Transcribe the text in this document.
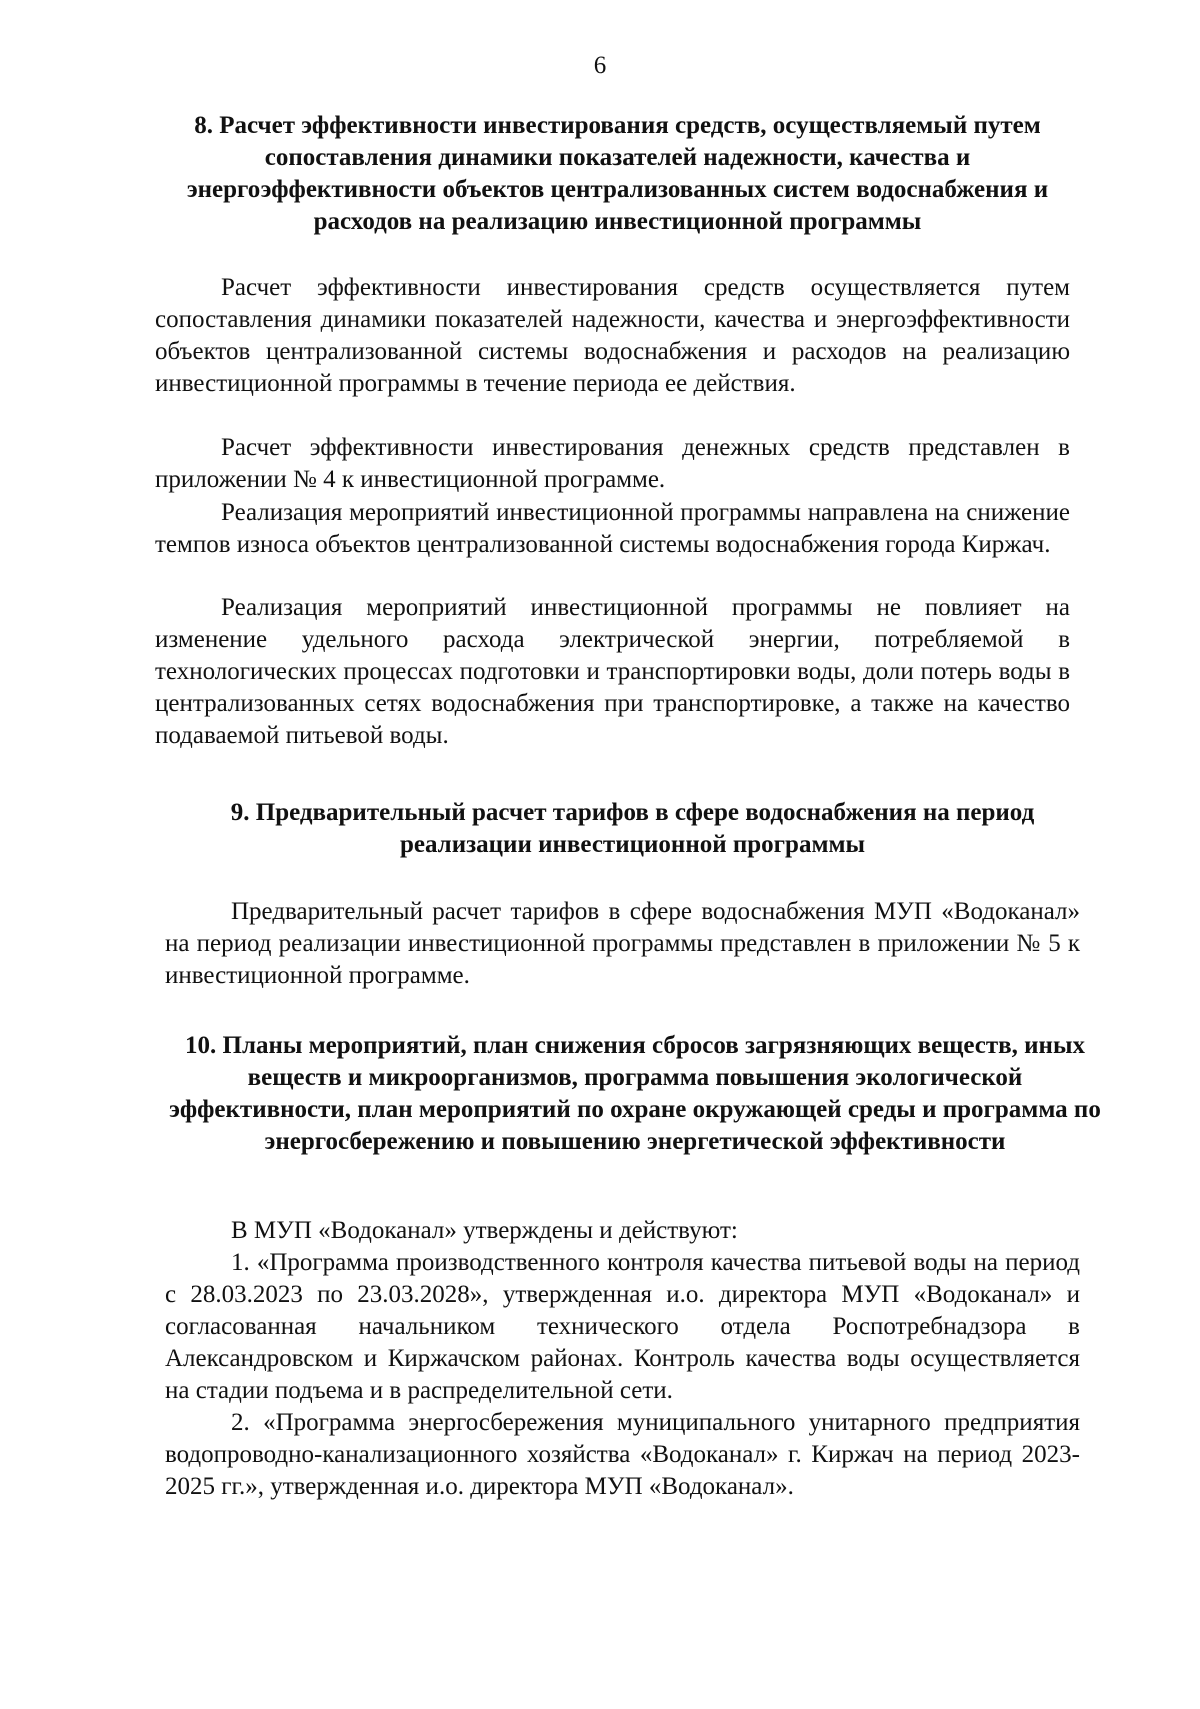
6
8. Расчет эффективности инвестирования средств, осуществляемый путем сопоставления динамики показателей надежности, качества и энергоэффективности объектов централизованных систем водоснабжения и расходов на реализацию инвестиционной программы
Расчет эффективности инвестирования средств осуществляется путем сопоставления динамики показателей надежности, качества и энергоэффективности объектов централизованной системы водоснабжения и расходов на реализацию инвестиционной программы в течение периода ее действия.
Расчет эффективности инвестирования денежных средств представлен в приложении № 4 к инвестиционной программе.
Реализация мероприятий инвестиционной программы направлена на снижение темпов износа объектов централизованной системы водоснабжения города Киржач.
Реализация мероприятий инвестиционной программы не повлияет на изменение удельного расхода электрической энергии, потребляемой в технологических процессах подготовки и транспортировки воды, доли потерь воды в централизованных сетях водоснабжения при транспортировке, а также на качество подаваемой питьевой воды.
9. Предварительный расчет тарифов в сфере водоснабжения на период реализации инвестиционной программы
Предварительный расчет тарифов в сфере водоснабжения МУП «Водоканал» на период реализации инвестиционной программы представлен в приложении № 5 к инвестиционной программе.
10. Планы мероприятий, план снижения сбросов загрязняющих веществ, иных веществ и микроорганизмов, программа повышения экологической эффективности, план мероприятий по охране окружающей среды и программа по энергосбережению и повышению энергетической эффективности
В МУП «Водоканал» утверждены и действуют:
1. «Программа производственного контроля качества питьевой воды на период с 28.03.2023 по 23.03.2028», утвержденная и.о. директора МУП «Водоканал» и согласованная начальником технического отдела Роспотребнадзора в Александровском и Киржачском районах. Контроль качества воды осуществляется на стадии подъема и в распределительной сети.
2. «Программа энергосбережения муниципального унитарного предприятия водопроводно-канализационного хозяйства «Водоканал» г. Киржач на период 2023-2025 гг.», утвержденная и.о. директора МУП «Водоканал».
